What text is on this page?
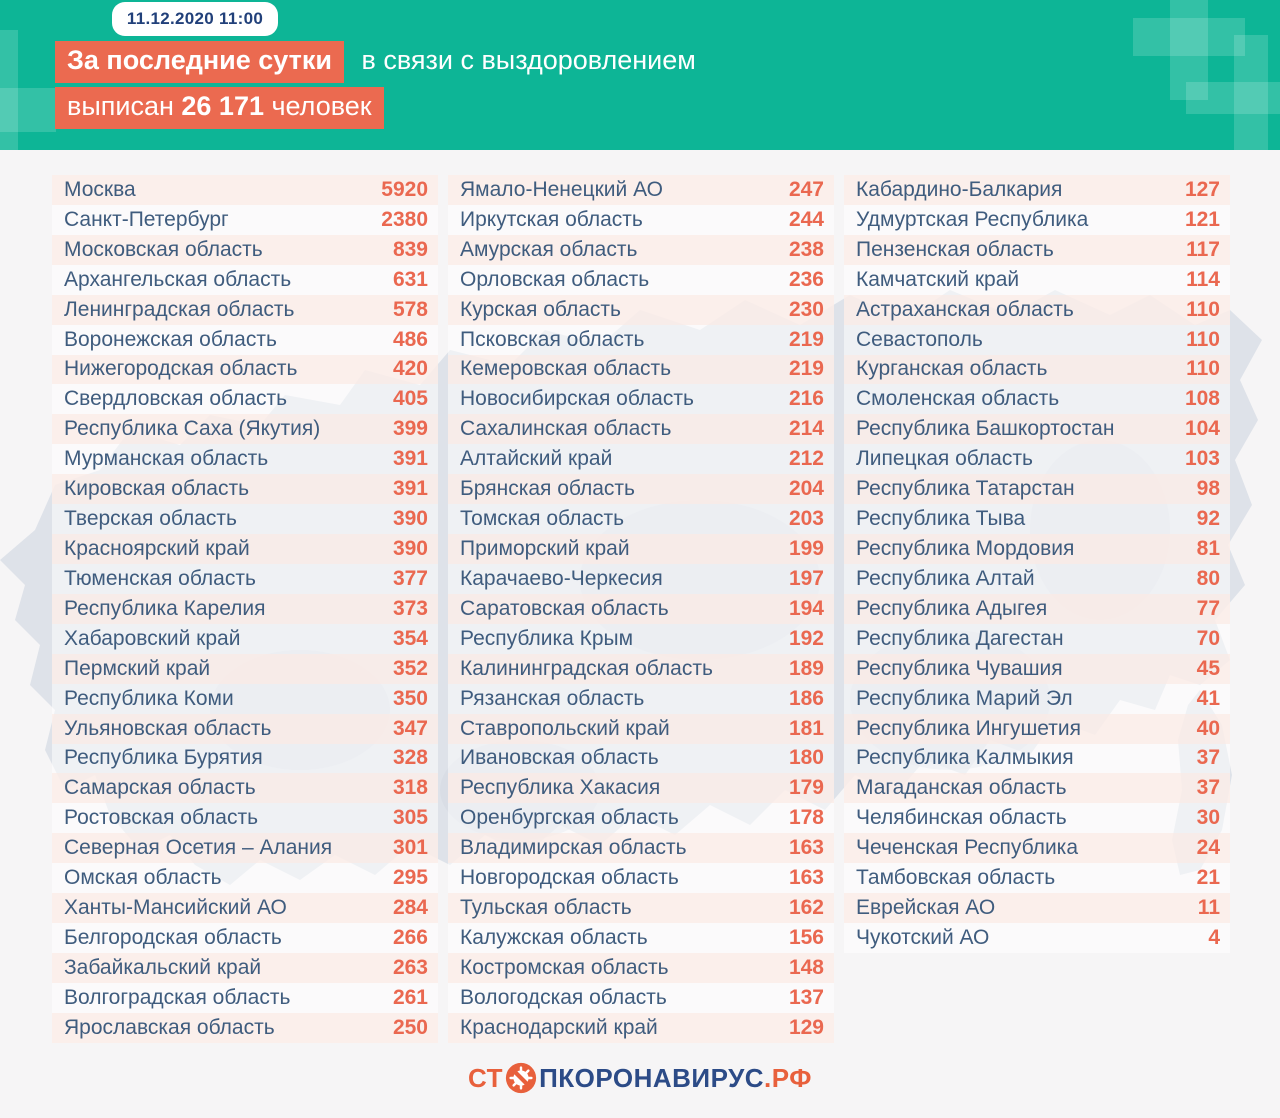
11.12.2020 11:00
За последние сутки в связи с выздоровлением
выписан 26 171 человек
Москва	5920
Санкт-Петербург	2380
Московская область	839
Архангельская область	631
Ленинградская область	578
Воронежская область	486
Нижегородская область	420
Свердловская область	405
Республика Саха (Якутия)	399
Мурманская область	391
Кировская область	391
Тверская область	390
Красноярский край	390
Тюменская область	377
Республика Карелия	373
Хабаровский край	354
Пермский край	352
Республика Коми	350
Ульяновская область	347
Республика Бурятия	328
Самарская область	318
Ростовская область	305
Северная Осетия – Алания	301
Омская область	295
Ханты-Мансийский АО	284
Белгородская область	266
Забайкальский край	263
Волгоградская область	261
Ярославская область	250
Ямало-Ненецкий АО	247
Иркутская область	244
Амурская область	238
Орловская область	236
Курская область	230
Псковская область	219
Кемеровская область	219
Новосибирская область	216
Сахалинская область	214
Алтайский край	212
Брянская область	204
Томская область	203
Приморский край	199
Карачаево-Черкесия	197
Саратовская область	194
Республика Крым	192
Калининградская область	189
Рязанская область	186
Ставропольский край	181
Ивановская область	180
Республика Хакасия	179
Оренбургская область	178
Владимирская область	163
Новгородская область	163
Тульская область	162
Калужская область	156
Костромская область	148
Вологодская область	137
Краснодарский край	129
Кабардино-Балкария	127
Удмуртская Республика	121
Пензенская область	117
Камчатский край	114
Астраханская область	110
Севастополь	110
Курганская область	110
Смоленская область	108
Республика Башкортостан	104
Липецкая область	103
Республика Татарстан	98
Республика Тыва	92
Республика Мордовия	81
Республика Алтай	80
Республика Адыгея	77
Республика Дагестан	70
Республика Чувашия	45
Республика Марий Эл	41
Республика Ингушетия	40
Республика Калмыкия	37
Магаданская область	37
Челябинская область	30
Чеченская Республика	24
Тамбовская область	21
Еврейская АО	11
Чукотский АО	4
СТ ПКОРОНАВИРУС .РФ
